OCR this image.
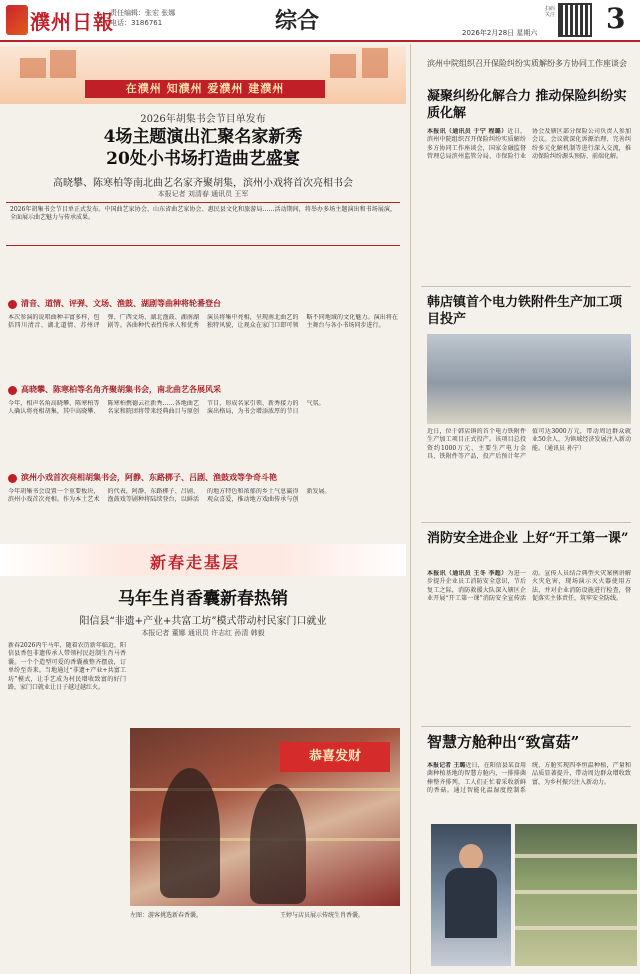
濮州日報
责任编辑：张宏 张娜
电话：3186761	综合	2026年2月28日 星期六
扫码关注 3
在濮州 知濮州 爱濮州 建濮州
2026年胡集书会节目单发布
4场主题演出汇聚名家新秀
20处小书场打造曲艺盛宴
高晓攀、陈寒柏等南北曲艺名家齐聚胡集，滨州小戏将首次亮相书会
本报记者 刘清春 通讯员 王军
2026年胡集书会节目单正式发布。中国曲艺家协会、山东省曲艺家协会、惠民县文化和旅游局……活动期间，将举办多场主题演出和书场展演，全面展示曲艺魅力与传承成果。
清音、道情、评弹、文场、渔鼓、湖剧等曲种将轮番登台
本次参演的说唱曲种丰富多样，包括四川清音、湖北道情、苏州评弹、广西文场、湖北渔鼓、湖南湖剧等。各曲种代表性传承人和优秀演员将集中亮相，呈现南北曲艺的独特风貌，让观众在家门口即可领略不同地域的文化魅力。演出将在主舞台与各小书场同步进行。
高晓攀、陈寒柏等名角齐聚胡集书会，南北曲艺各展风采
今年，相声名角高晓攀、陈寒柏等人确认将亮相胡集，其中高晓攀、陈寒柏携德云社新秀……各地曲艺名家和院团将带来经典曲目与原创节目，形成名家引领、新秀接力的演出格局，为书会增添浓厚的节日气氛。
滨州小戏首次亮相胡集书会，阿静、东路梆子、吕剧、渔鼓戏等争奇斗艳
今年胡集书会设置一个重要板块，滨州小戏首次亮相。作为本土艺术的代表，阿静、东路梆子、吕剧、渔鼓戏等剧种将陆续登台，以鲜活的地方特色和浓郁的乡土气息赢得观众喜爱，推动地方戏曲传承与创新发展。
新春走基层
马年生肖香囊新春热销
阳信县“非遗+产业+共富工坊”模式带动村民家门口就业
本报记者 董娜 通讯员 许志红 孙清 韩毅
新春2026丙午马年，随着农历新年临近，阳信县香包非遗传承人带领村民赶制生肖马香囊。一个个造型可爱的香囊被整齐摆放，订单纷至沓来。当地通过“非遗+产业+共富工坊”模式，让手艺成为村民增收致富的好门路，家门口就业让日子越过越红火。
恭喜发财
王婷与店员展示传统生肖香囊。
左图：游客挑选新春香囊。
滨州中院组织召开保险纠纷实质解纷多方协同工作座谈会
凝聚纠纷化解合力 推动保险纠纷实质化解
本报讯（通讯员 于宁 程璐）近日，滨州中院组织召开保险纠纷实质解纷多方协同工作座谈会，国家金融监督管理总局滨州监管分局、市保险行业协会及辖区部分保险公司负责人参加会议。会议就深化诉源治理、完善纠纷多元化解机制等进行深入交流，推动保险纠纷源头预防、前端化解。
韩店镇首个电力铁附件生产加工项目投产
近日，位于韩店镇的首个电力铁附件生产加工项目正式投产。该项目总投资约1000万元，主要生产电力金具、铁附件等产品，投产后预计年产值可达3000万元，带动周边群众就业50余人，为镇域经济发展注入新动能。（通讯员 孙宁）
消防安全进企业 上好“开工第一课”
本报讯（通讯员 王冬 李超）为进一步提升企业员工消防安全意识，节后复工之际，消防救援大队深入辖区企业开展“开工第一课”消防安全宣传活动。宣传人员结合典型火灾案例讲解火灾危害，现场演示灭火器使用方法，并对企业消防设施进行检查，督促落实主体责任，筑牢安全防线。
智慧方舱种出“致富菇”
本报记者 王璐近日，在阳信县某食用菌种植基地的智慧方舱内，一排排菌棒整齐排列，工人们正忙着采收新鲜的香菇。通过智能化温湿度控制系统，方舱实现四季恒温种植，产量和品质显著提升，带动周边群众增收致富，为乡村振兴注入新动力。
